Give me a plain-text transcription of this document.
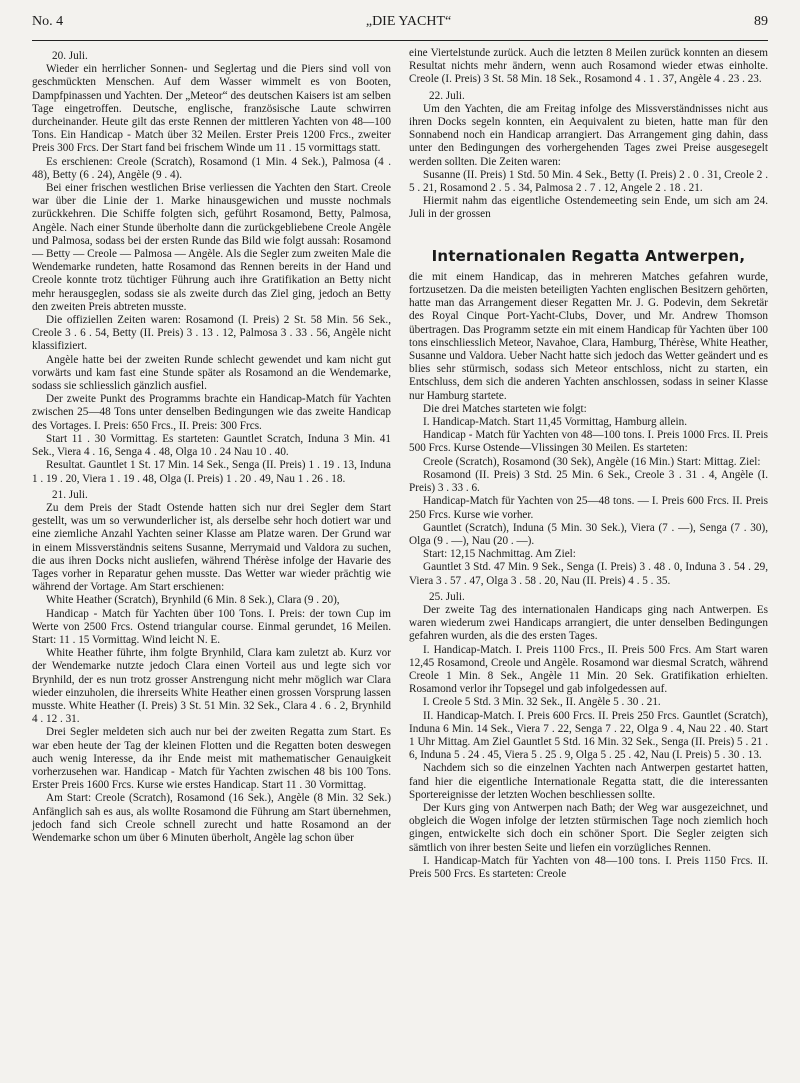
No. 4	„DIE YACHT“	89

20. Juli.

Wieder ein herrlicher Sonnen- und Seglertag und die Piers sind voll von geschmückten Menschen. Auf dem Wasser wimmelt es von Booten, Dampfpinassen und Yachten. Der „Meteor“ des deutschen Kaisers ist am selben Tage eingetroffen. Deutsche, englische, französische Laute schwirren durcheinander. Heute gilt das erste Rennen der mittleren Yachten von 48—100 Tons. Ein Handicap - Match über 32 Meilen. Erster Preis 1200 Frcs., zweiter Preis 300 Frcs. Der Start fand bei frischem Winde um 11 . 15 vormittags statt.

Es erschienen: Creole (Scratch), Rosamond (1 Min. 4 Sek.), Palmosa (4 . 48), Betty (6 . 24), Angèle (9 . 4).

Bei einer frischen westlichen Brise verliessen die Yachten den Start. Creole war über die Linie der 1. Marke hinausgewichen und musste nochmals zurückkehren. Die Schiffe folgten sich, geführt Rosamond, Betty, Palmosa, Angèle. Nach einer Stunde überholte dann die zurückgebliebene Creole Angèle und Palmosa, sodass bei der ersten Runde das Bild wie folgt aussah: Rosamond — Betty — Creole — Palmosa — Angèle. Als die Segler zum zweiten Male die Wendemarke rundeten, hatte Rosamond das Rennen bereits in der Hand und Creole konnte trotz tüchtiger Führung auch ihre Gratifikation an Betty nicht mehr herausgeglen, sodass sie als zweite durch das Ziel ging, jedoch an Betty den zweiten Preis abtreten musste.

Die offiziellen Zeiten waren: Rosamond (I. Preis) 2 St. 58 Min. 56 Sek., Creole 3 . 6 . 54, Betty (II. Preis) 3 . 13 . 12, Palmosa 3 . 33 . 56, Angèle nicht klassifiziert.

Angèle hatte bei der zweiten Runde schlecht gewendet und kam nicht gut vorwärts und kam fast eine Stunde später als Rosamond an die Wendemarke, sodass sie schliesslich gänzlich ausfiel.

Der zweite Punkt des Programms brachte ein Handicap-Match für Yachten zwischen 25—48 Tons unter denselben Bedingungen wie das zweite Handicap des Vortages. I. Preis: 650 Frcs., II. Preis: 300 Frcs.

Start 11 . 30 Vormittag. Es starteten: Gauntlet Scratch, Induna 3 Min. 41 Sek., Viera 4 . 16, Senga 4 . 48, Olga 10 . 24 Nau 10 . 40.

Resultat. Gauntlet 1 St. 17 Min. 14 Sek., Senga (II. Preis) 1 . 19 . 13, Induna 1 . 19 . 20, Viera 1 . 19 . 48, Olga (I. Preis) 1 . 20 . 49, Nau 1 . 26 . 18.

21. Juli.

Zu dem Preis der Stadt Ostende hatten sich nur drei Segler dem Start gestellt, was um so verwunderlicher ist, als derselbe sehr hoch dotiert war und eine ziemliche Anzahl Yachten seiner Klasse am Platze waren. Der Grund war in einem Missverständnis seitens Susanne, Merrymaid und Valdora zu suchen, die aus ihren Docks nicht ausliefen, während Thérèse infolge der Havarie des Tages vorher in Reparatur gehen musste. Das Wetter war wieder prächtig wie während der Vortage. Am Start erschienen:

White Heather (Scratch), Brynhild (6 Min. 8 Sek.), Clara (9 . 20),

Handicap - Match für Yachten über 100 Tons. I. Preis: der town Cup im Werte von 2500 Frcs. Ostend triangular course. Einmal gerundet, 16 Meilen. Start: 11 . 15 Vormittag. Wind leicht N. E.

White Heather führte, ihm folgte Brynhild, Clara kam zuletzt ab. Kurz vor der Wendemarke nutzte jedoch Clara einen Vorteil aus und legte sich vor Brynhild, der es nun trotz grosser Anstrengung nicht mehr möglich war Clara wieder einzuholen, die ihrerseits White Heather einen grossen Vorsprung lassen musste. White Heather (I. Preis) 3 St. 51 Min. 32 Sek., Clara 4 . 6 . 2, Brynhild 4 . 12 . 31.

Drei Segler meldeten sich auch nur bei der zweiten Regatta zum Start. Es war eben heute der Tag der kleinen Flotten und die Regatten boten deswegen auch wenig Interesse, da ihr Ende meist mit mathematischer Genauigkeit vorherzusehen war. Handicap - Match für Yachten zwischen 48 bis 100 Tons. Erster Preis 1600 Frcs. Kurse wie erstes Handicap. Start 11 . 30 Vormittag.

Am Start: Creole (Scratch), Rosamond (16 Sek.), Angèle (8 Min. 32 Sek.) Anfänglich sah es aus, als wollte Rosamond die Führung am Start übernehmen, jedoch fand sich Creole schnell zurecht und hatte Rosamond an der Wendemarke schon um über 6 Minuten überholt, Angèle lag schon über

eine Viertelstunde zurück. Auch die letzten 8 Meilen zurück konnten an diesem Resultat nichts mehr ändern, wenn auch Rosamond wieder etwas einholte. Creole (I. Preis) 3 St. 58 Min. 18 Sek., Rosamond 4 . 1 . 37, Angèle 4 . 23 . 23.

22. Juli.

Um den Yachten, die am Freitag infolge des Missverständnisses nicht aus ihren Docks segeln konnten, ein Aequivalent zu bieten, hatte man für den Sonnabend noch ein Handicap arrangiert. Das Arrangement ging dahin, dass unter den Bedingungen des vorhergehenden Tages zwei Preise ausgesegelt werden sollten. Die Zeiten waren:

Susanne (II. Preis) 1 Std. 50 Min. 4 Sek., Betty (I. Preis) 2 . 0 . 31, Creole 2 . 5 . 21, Rosamond 2 . 5 . 34, Palmosa 2 . 7 . 12, Angele 2 . 18 . 21.

Hiermit nahm das eigentliche Ostendemeeting sein Ende, um sich am 24. Juli in der grossen

Internationalen Regatta Antwerpen,

die mit einem Handicap, das in mehreren Matches gefahren wurde, fortzusetzen. Da die meisten beteiligten Yachten englischen Besitzern gehörten, hatte man das Arrangement dieser Regatten Mr. J. G. Podevin, dem Sekretär des Royal Cinque Port-Yacht-Clubs, Dover, und Mr. Andrew Thomson übertragen. Das Programm setzte ein mit einem Handicap für Yachten über 100 tons einschliesslich Meteor, Navahoe, Clara, Hamburg, Thérèse, White Heather, Susanne und Valdora. Ueber Nacht hatte sich jedoch das Wetter geändert und es blies sehr stürmisch, sodass sich Meteor entschloss, nicht zu starten, ein Entschluss, dem sich die anderen Yachten anschlossen, sodass in seiner Klasse nur Hamburg startete.

Die drei Matches starteten wie folgt:

I. Handicap-Match. Start 11,45 Vormittag, Hamburg allein.

Handicap - Match für Yachten von 48—100 tons. I. Preis 1000 Frcs. II. Preis 500 Frcs. Kurse Ostende—Vlissingen 30 Meilen. Es starteten:

Creole (Scratch), Rosamond (30 Sek), Angèle (16 Min.) Start: Mittag. Ziel:

Rosamond (II. Preis) 3 Std. 25 Min. 6 Sek., Creole 3 . 31 . 4, Angèle (I. Preis) 3 . 33 . 6.

Handicap-Match für Yachten von 25—48 tons. — I. Preis 600 Frcs. II. Preis 250 Frcs. Kurse wie vorher.

Gauntlet (Scratch), Induna (5 Min. 30 Sek.), Viera (7 . —), Senga (7 . 30), Olga (9 . —), Nau (20 . —).

Start: 12,15 Nachmittag. Am Ziel:

Gauntlet 3 Std. 47 Min. 9 Sek., Senga (I. Preis) 3 . 48 . 0, Induna 3 . 54 . 29, Viera 3 . 57 . 47, Olga 3 . 58 . 20, Nau (II. Preis) 4 . 5 . 35.

25. Juli.

Der zweite Tag des internationalen Handicaps ging nach Antwerpen. Es waren wiederum zwei Handicaps arrangiert, die unter denselben Bedingungen gefahren wurden, als die des ersten Tages.

I. Handicap-Match. I. Preis 1100 Frcs., II. Preis 500 Frcs. Am Start waren 12,45 Rosamond, Creole und Angèle. Rosamond war diesmal Scratch, während Creole 1 Min. 8 Sek., Angèle 11 Min. 20 Sek. Gratifikation erhielten. Rosamond verlor ihr Topsegel und gab infolgedessen auf.

I. Creole 5 Std. 3 Min. 32 Sek., II. Angèle 5 . 30 . 21.

II. Handicap-Match. I. Preis 600 Frcs. II. Preis 250 Frcs. Gauntlet (Scratch), Induna 6 Min. 14 Sek., Viera 7 . 22, Senga 7 . 22, Olga 9 . 4, Nau 22 . 40. Start 1 Uhr Mittag. Am Ziel Gauntlet 5 Std. 16 Min. 32 Sek., Senga (II. Preis) 5 . 21 . 6, Induna 5 . 24 . 45, Viera 5 . 25 . 9, Olga 5 . 25 . 42, Nau (I. Preis) 5 . 30 . 13.

Nachdem sich so die einzelnen Yachten nach Antwerpen gestartet hatten, fand hier die eigentliche Internationale Regatta statt, die die interessanten Sportereignisse der letzten Wochen beschliessen sollte.

Der Kurs ging von Antwerpen nach Bath; der Weg war ausgezeichnet, und obgleich die Wogen infolge der letzten stürmischen Tage noch ziemlich hoch gingen, entwickelte sich doch ein schöner Sport. Die Segler zeigten sich sämtlich von ihrer besten Seite und liefen ein vorzügliches Rennen.

I. Handicap-Match für Yachten von 48—100 tons. I. Preis 1150 Frcs. II. Preis 500 Frcs. Es starteten: Creole
